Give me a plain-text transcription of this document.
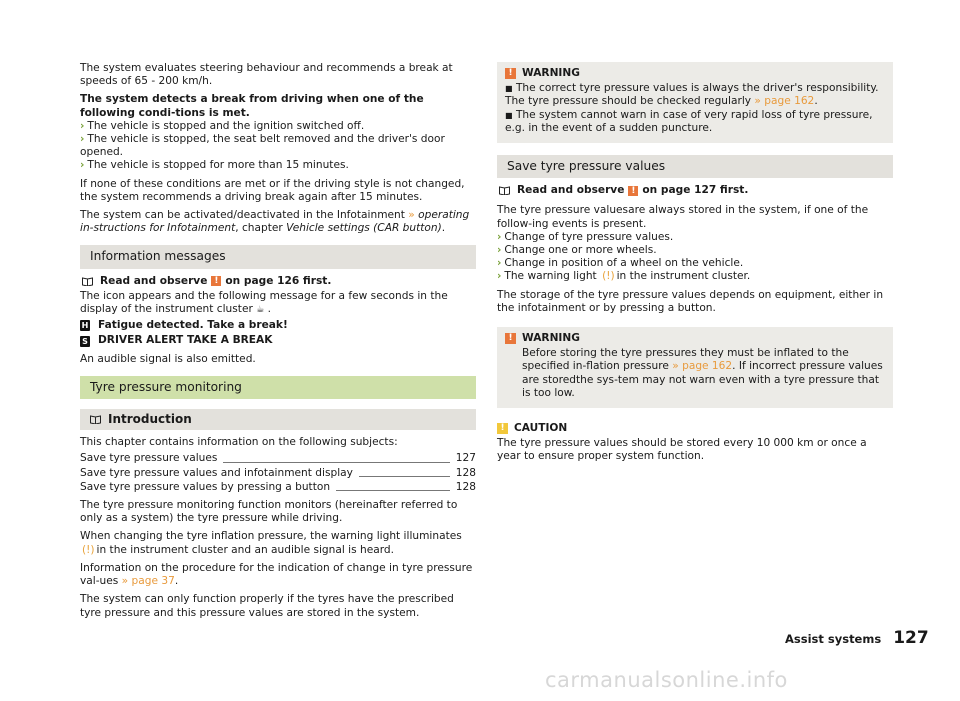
The system evaluates steering behaviour and recommends a break at speeds of 65 - 200 km/h.

The system detects a break from driving when one of the following condi-tions is met.

› The vehicle is stopped and the ignition switched off.
› The vehicle is stopped, the seat belt removed and the driver's door opened.
› The vehicle is stopped for more than 15 minutes.

If none of these conditions are met or if the driving style is not changed, the system recommends a driving break again after 15 minutes.

The system can be activated/deactivated in the Infotainment » operating in-structions for Infotainment, chapter Vehicle settings (CAR button).

Information messages
Read and observe ! on page 126 first.

The icon appears and the following message for a few seconds in the display of the instrument cluster ☕ .

H Fatigue detected. Take a break!
S DRIVER ALERT TAKE A BREAK

An audible signal is also emitted.

Tyre pressure monitoring
Introduction

This chapter contains information on the following subjects:

Save tyre pressure values	127
Save tyre pressure values and infotainment display	128
Save tyre pressure values by pressing a button	128

The tyre pressure monitoring function monitors (hereinafter referred to only as a system) the tyre pressure while driving.

When changing the tyre inflation pressure, the warning light illuminates (!) in the instrument cluster and an audible signal is heard.

Information on the procedure for the indication of change in tyre pressure val-ues » page 37.

The system can only function properly if the tyres have the prescribed tyre pressure and this pressure values are stored in the system.

! WARNING
■ The correct tyre pressure values is always the driver's responsibility. The tyre pressure should be checked regularly » page 162.
■ The system cannot warn in case of very rapid loss of tyre pressure, e.g. in the event of a sudden puncture.
Save tyre pressure values
Read and observe ! on page 127 first.

The tyre pressure valuesare always stored in the system, if one of the follow-ing events is present.

› Change of tyre pressure values.
› Change one or more wheels.
› Change in position of a wheel on the vehicle.
› The warning light (!) in the instrument cluster.

The storage of the tyre pressure values depends on equipment, either in the infotainment or by pressing a button.

! WARNING
Before storing the tyre pressures they must be inflated to the specified in-flation pressure » page 162. If incorrect pressure values are storedthe sys-tem may not warn even with a tyre pressure that is too low.
! CAUTION

The tyre pressure values should be stored every 10 000 km or once a year to ensure proper system function.

Assist systems 127
carmanualsonline.info
